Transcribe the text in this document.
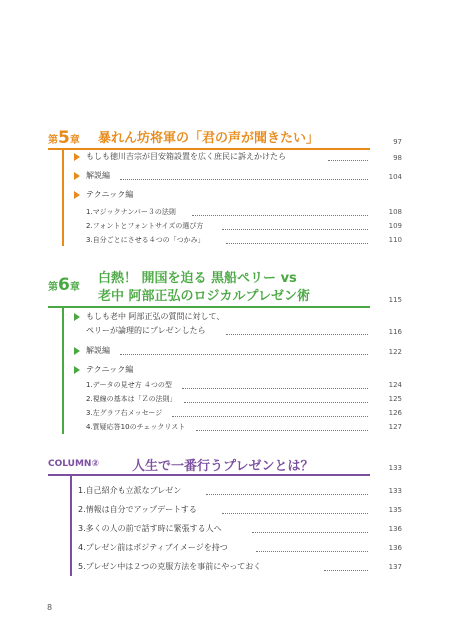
第5章 暴れん坊将軍の「君の声が聞きたい」	97
もしも徳川吉宗が目安箱設置を広く庶民に訴えかけたら	98
解説編	104
テクニック編
1.マジックナンバー３の法則	108
2.フォントとフォントサイズの選び方	109
3.自分ごとにさせる４つの「つかみ」	110
第6章
白熱！ 開国を迫る 黒船ペリー vs
老中 阿部正弘のロジカルプレゼン術	115
もしも老中 阿部正弘の質問に対して、
ペリーが論理的にプレゼンしたら	116
解説編	122
テクニック編
1.データの見せ方 ４つの型	124
2.視線の基本は「Ｚの法則」	125
3.左グラフ右メッセージ	126
4.質疑応答10のチェックリスト	127
COLUMN②	人生で一番行うプレゼンとは？	133
1.自己紹介も立派なプレゼン	133
2.情報は自分でアップデートする	135
3.多くの人の前で話す時に緊張する人へ	136
4.プレゼン前はポジティブイメージを持つ	136
5.プレゼン中は２つの克服方法を事前にやっておく	137
8
